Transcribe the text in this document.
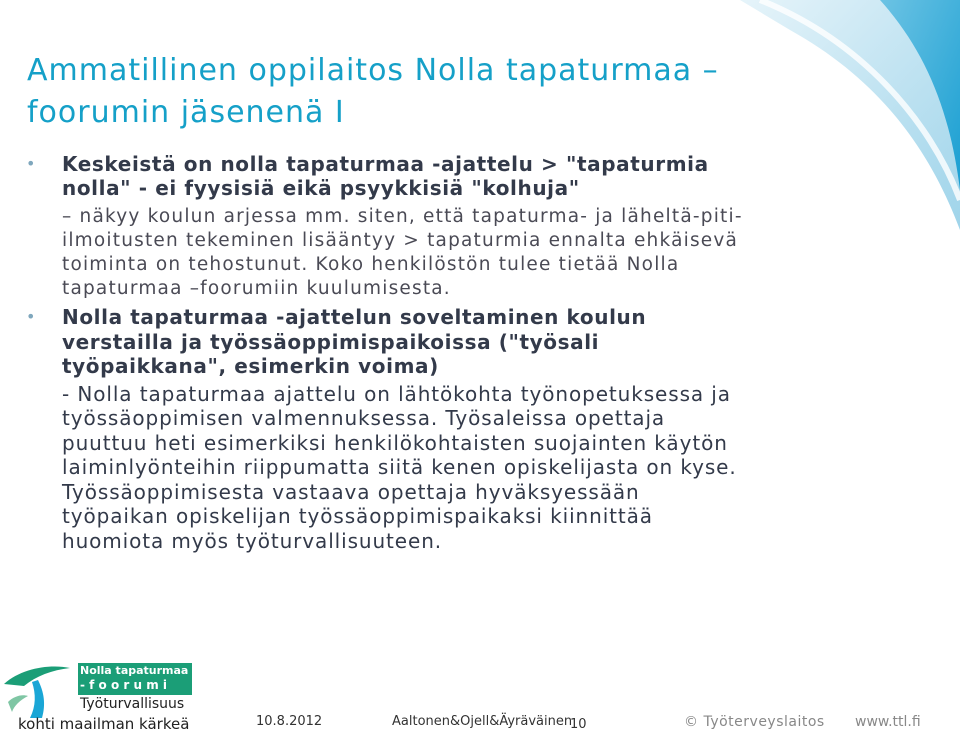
Ammatillinen oppilaitos Nolla tapaturmaa –foorumin jäsenenä I

• Keskeistä on nolla tapaturmaa -ajattelu > "tapaturmia nolla" - ei fyysisiä eikä psyykkisiä "kolhuja"

– näkyy koulun arjessa mm. siten, että tapaturma- ja läheltä-piti-ilmoitusten tekeminen lisääntyy > tapaturmia ennalta ehkäisevä toiminta on tehostunut. Koko henkilöstön tulee tietää Nolla tapaturmaa –foorumiin kuulumisesta.

• Nolla tapaturmaa -ajattelun soveltaminen koulun verstailla ja työssäoppimispaikoissa ("työsali työpaikkana", esimerkin voima)

- Nolla tapaturmaa ajattelu on lähtökohta työnopetuksessa ja työssäoppimisen valmennuksessa. Työsaleissa opettaja puuttuu heti esimerkiksi henkilökohtaisten suojainten käytön laiminlyönteihin riippumatta siitä kenen opiskelijasta on kyse. Työssäoppimisesta vastaava opettaja hyväksyessään työpaikan opiskelijan työssäoppimispaikaksi kiinnittää huomiota myös työturvallisuuteen.

Nolla tapaturmaa
- f o o r u m i
Työturvallisuus
kohti maailman kärkeä	10.8.2012	Aaltonen&Ojell&Äyräväinen
10	© Työterveyslaitos www.ttl.fi
